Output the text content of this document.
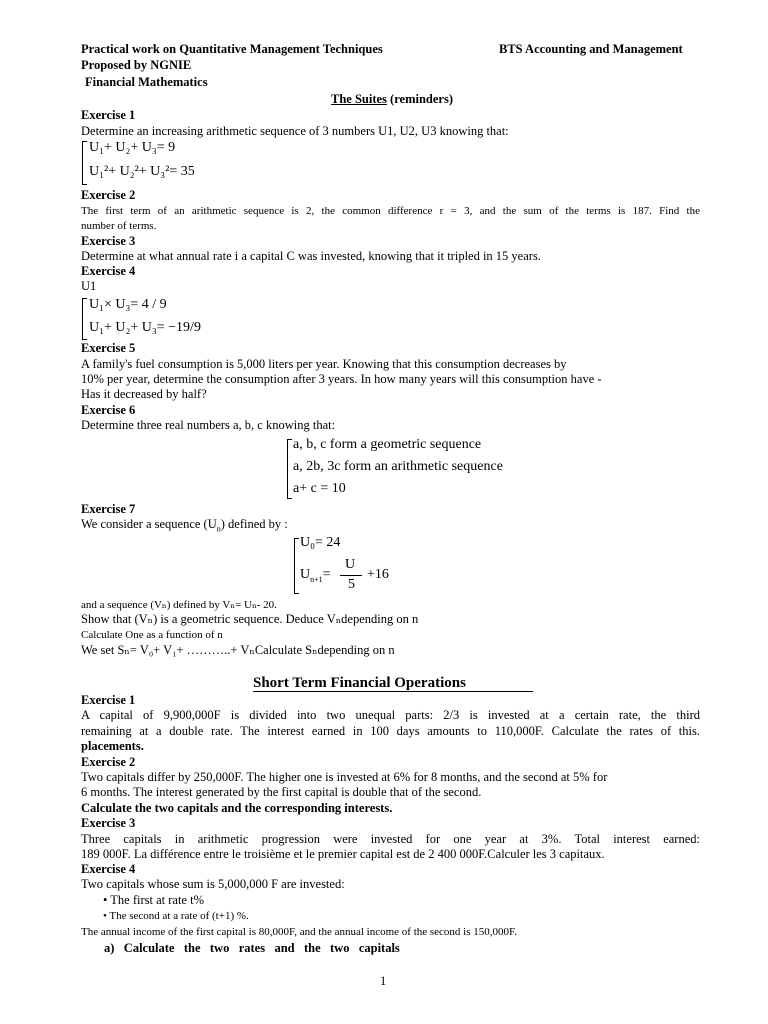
Practical work on Quantitative Management Techniques	BTS Accounting and Management
Proposed by NGNIE
Financial Mathematics
The Suites (reminders)
Exercise 1
Determine an increasing arithmetic sequence of 3 numbers U1, U2, U3 knowing that:
U₁+ U₂+ U₃= 9
U₁²+ U₂²+ U₃²= 35
Exercise 2
The first term of an arithmetic sequence is 2, the common difference r = 3, and the sum of the terms is 187. Find the
number of terms.
Exercise 3
Determine at what annual rate i a capital C was invested, knowing that it tripled in 15 years.
Exercise 4
U1
U₁× U₃= 4 / 9
U₁+ U₂+ U₃= −19/9
Exercise 5
A family's fuel consumption is 5,000 liters per year. Knowing that this consumption decreases by
10% per year, determine the consumption after 3 years. In how many years will this consumption have -
Has it decreased by half?
Exercise 6
Determine three real numbers a, b, c knowing that:
a, b, c form a geometric sequence
a, 2b, 3c form an arithmetic sequence
a+ c = 10
Exercise 7
We consider a sequence $(U_n)$ defined by :
U₀= 24
$U_{n+1}=$
U
5
+16
and a sequence (Vₙ) defined by Vₙ= Uₙ- 20.
Show that (Vₙ) is a geometric sequence. Deduce Vₙdepending on n
Calculate One as a function of n
We set Sₙ= V₀+ V₁+ ………..+ VₙCalculate Sₙdepending on n
Short Term Financial Operations
Exercise 1
A capital of 9,900,000F is divided into two unequal parts: 2/3 is invested at a certain rate, the third
remaining at a double rate. The interest earned in 100 days amounts to 110,000F. Calculate the rates of this.
placements.
Exercise 2
Two capitals differ by 250,000F. The higher one is invested at 6% for 8 months, and the second at 5% for
6 months. The interest generated by the first capital is double that of the second.
Calculate the two capitals and the corresponding interests.
Exercise 3
Three capitals in arithmetic progression were invested for one year at 3%. Total interest earned:
189 000F. La différence entre le troisième et le premier capital est de 2 400 000F.Calculer les 3 capitaux.
Exercise 4
Two capitals whose sum is 5,000,000 F are invested:
• The first at rate t%
• The second at a rate of (t+1) %.
The annual income of the first capital is 80,000F, and the annual income of the second is 150,000F.
a)   Calculate   the   two   rates   and   the   two   capitals
1
